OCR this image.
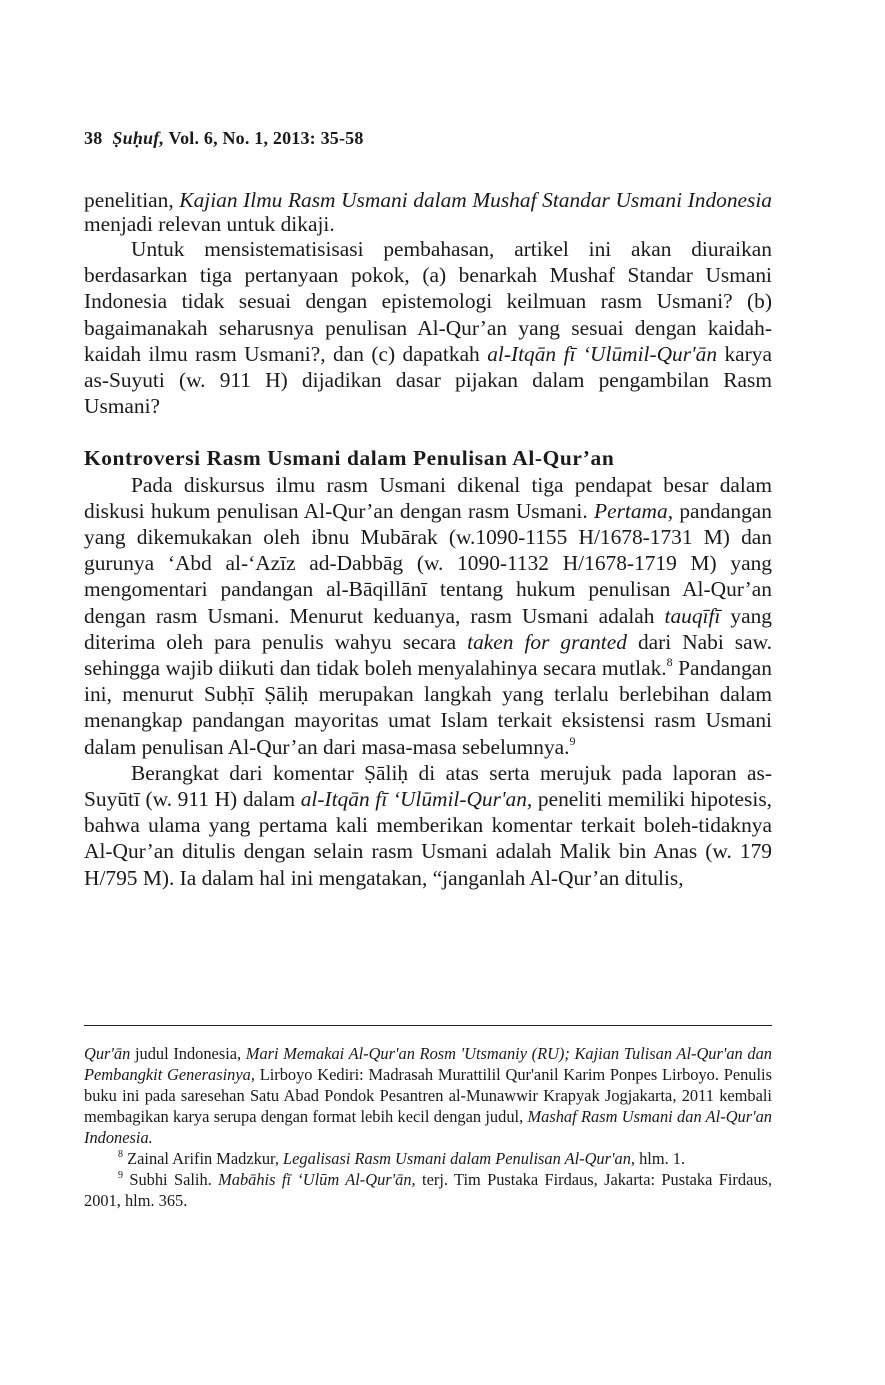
38 Ṣuḥuf, Vol. 6, No. 1, 2013: 35-58

penelitian, Kajian Ilmu Rasm Usmani dalam Mushaf Standar Usmani Indonesia menjadi relevan untuk dikaji.

Untuk mensistematisisasi pembahasan, artikel ini akan diuraikan berdasarkan tiga pertanyaan pokok, (a) benarkah Mushaf Standar Usmani Indonesia tidak sesuai dengan epistemologi keilmuan rasm Usmani? (b) bagaimanakah seharusnya penulisan Al-Qur’an yang sesuai dengan kaidah-kaidah ilmu rasm Usmani?, dan (c) dapatkah al-Itqān fī ‘Ulūmil-Qur'ān karya as-Suyuti (w. 911 H) dijadikan dasar pijakan dalam pengambilan Rasm Usmani?

Kontroversi Rasm Usmani dalam Penulisan Al-Qur’an

Pada diskursus ilmu rasm Usmani dikenal tiga pendapat besar dalam diskusi hukum penulisan Al-Qur’an dengan rasm Usmani. Pertama, pandangan yang dikemukakan oleh ibnu Mubārak (w.1090-1155 H/1678-1731 M) dan gurunya ‘Abd al-‘Azīz ad-Dabbāg (w. 1090-1132 H/1678-1719 M) yang mengomentari pandangan al-Bāqillānī tentang hukum penulisan Al-Qur’an dengan rasm Usmani. Menurut keduanya, rasm Usmani adalah tauqīfī yang diterima oleh para penulis wahyu secara taken for granted dari Nabi saw. sehingga wajib diikuti dan tidak boleh menyalahinya secara mutlak.$^8$ Pandangan ini, menurut Subḥī Ṣāliḥ merupakan langkah yang terlalu berlebihan dalam menangkap pandangan mayoritas umat Islam terkait eksistensi rasm Usmani dalam penulisan Al-Qur’an dari masa-masa sebelumnya.$^9$

Berangkat dari komentar Ṣāliḥ di atas serta merujuk pada laporan as-Suyūtī (w. 911 H) dalam al-Itqān fī ‘Ulūmil-Qur'an, peneliti memiliki hipotesis, bahwa ulama yang pertama kali memberikan komentar terkait boleh-tidaknya Al-Qur’an ditulis dengan selain rasm Usmani adalah Malik bin Anas (w. 179 H/795 M). Ia dalam hal ini mengatakan, “janganlah Al-Qur’an ditulis,

Qur'ān judul Indonesia, Mari Memakai Al-Qur'an Rosm 'Utsmaniy (RU); Kajian Tulisan Al-Qur'an dan Pembangkit Generasinya, Lirboyo Kediri: Madrasah Murattilil Qur'anil Karim Ponpes Lirboyo. Penulis buku ini pada saresehan Satu Abad Pondok Pesantren al-Munawwir Krapyak Jogjakarta, 2011 kembali membagikan karya serupa dengan format lebih kecil dengan judul, Mashaf Rasm Usmani dan Al-Qur'an Indonesia.

$^8$ Zainal Arifin Madzkur, Legalisasi Rasm Usmani dalam Penulisan Al-Qur'an, hlm. 1.

$^9$ Subhi Salih. Mabāhis fī ‘Ulūm Al-Qur'ān, terj. Tim Pustaka Firdaus, Jakarta: Pustaka Firdaus, 2001, hlm. 365.
